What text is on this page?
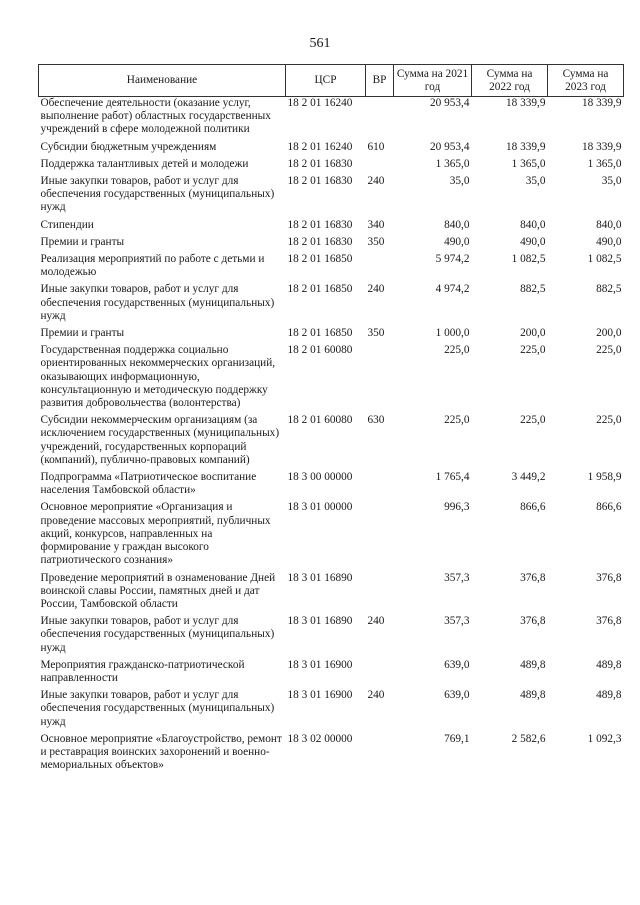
561
Наименование	ЦСР	ВР	Сумма на 2021 год	Сумма на 2022 год	Сумма на 2023 год
Обеспечение деятельности (оказание услуг, выполнение работ) областных государственных учреждений в сфере молодежной политики	18 2 01 16240		20 953,4	18 339,9	18 339,9
Субсидии бюджетным учреждениям	18 2 01 16240	610	20 953,4	18 339,9	18 339,9
Поддержка талантливых детей и молодежи	18 2 01 16830		1 365,0	1 365,0	1 365,0
Иные закупки товаров, работ и услуг для обеспечения государственных (муниципальных) нужд	18 2 01 16830	240	35,0	35,0	35,0
Стипендии	18 2 01 16830	340	840,0	840,0	840,0
Премии и гранты	18 2 01 16830	350	490,0	490,0	490,0
Реализация мероприятий по работе с детьми и молодежью	18 2 01 16850		5 974,2	1 082,5	1 082,5
Иные закупки товаров, работ и услуг для обеспечения государственных (муниципальных) нужд	18 2 01 16850	240	4 974,2	882,5	882,5
Премии и гранты	18 2 01 16850	350	1 000,0	200,0	200,0
Государственная поддержка социально ориентированных некоммерческих организаций, оказывающих информационную, консультационную и методическую поддержку развития добровольчества (волонтерства)	18 2 01 60080		225,0	225,0	225,0
Субсидии некоммерческим организациям (за исключением государственных (муниципальных) учреждений, государственных корпораций (компаний), публично-правовых компаний)	18 2 01 60080	630	225,0	225,0	225,0
Подпрограмма «Патриотическое воспитание населения Тамбовской области»	18 3 00 00000		1 765,4	3 449,2	1 958,9
Основное мероприятие «Организация и проведение массовых мероприятий, публичных акций, конкурсов, направленных на формирование у граждан высокого патриотического сознания»	18 3 01 00000		996,3	866,6	866,6
Проведение мероприятий в ознаменование Дней воинской славы России, памятных дней и дат России, Тамбовской области	18 3 01 16890		357,3	376,8	376,8
Иные закупки товаров, работ и услуг для обеспечения государственных (муниципальных) нужд	18 3 01 16890	240	357,3	376,8	376,8
Мероприятия гражданско-патриотической направленности	18 3 01 16900		639,0	489,8	489,8
Иные закупки товаров, работ и услуг для обеспечения государственных (муниципальных) нужд	18 3 01 16900	240	639,0	489,8	489,8
Основное мероприятие «Благоустройство, ремонт и реставрация воинских захоронений и военно-мемориальных объектов»	18 3 02 00000		769,1	2 582,6	1 092,3
